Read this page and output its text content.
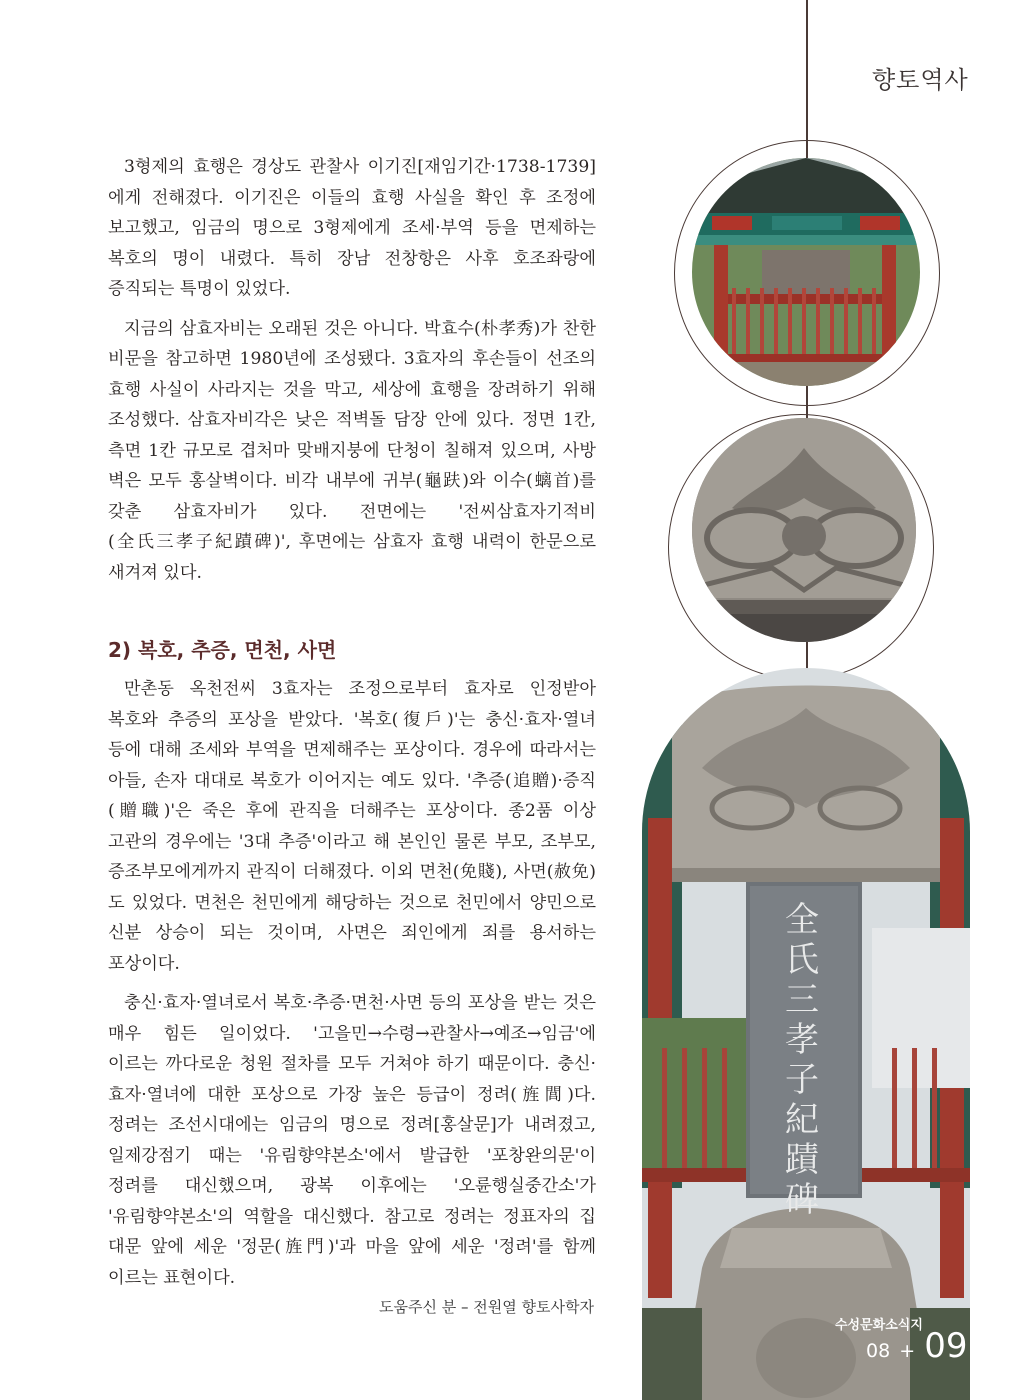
향토역사

3형제의 효행은 경상도 관찰사 이기진[재임기간·1738-1739]에게 전해졌다. 이기진은 이들의 효행 사실을 확인 후 조정에 보고했고, 임금의 명으로 3형제에게 조세·부역 등을 면제하는 복호의 명이 내렸다. 특히 장남 전창항은 사후 호조좌랑에 증직되는 특명이 있었다.

지금의 삼효자비는 오래된 것은 아니다. 박효수(朴孝秀)가 찬한 비문을 참고하면 1980년에 조성됐다. 3효자의 후손들이 선조의 효행 사실이 사라지는 것을 막고, 세상에 효행을 장려하기 위해 조성했다. 삼효자비각은 낮은 적벽돌 담장 안에 있다. 정면 1칸, 측면 1칸 규모로 겹처마 맞배지붕에 단청이 칠해져 있으며, 사방 벽은 모두 홍살벽이다. 비각 내부에 귀부(龜趺)와 이수(螭首)를 갖춘 삼효자비가 있다. 전면에는 '전씨삼효자기적비(全氏三孝子紀蹟碑)', 후면에는 삼효자 효행 내력이 한문으로 새겨져 있다.

2) 복호, 추증, 면천, 사면

만촌동 옥천전씨 3효자는 조정으로부터 효자로 인정받아 복호와 추증의 포상을 받았다. '복호(復戶)'는 충신·효자·열녀 등에 대해 조세와 부역을 면제해주는 포상이다. 경우에 따라서는 아들, 손자 대대로 복호가 이어지는 예도 있다. '추증(追贈)·증직(贈職)'은 죽은 후에 관직을 더해주는 포상이다. 종2품 이상 고관의 경우에는 '3대 추증'이라고 해 본인인 물론 부모, 조부모, 증조부모에게까지 관직이 더해졌다. 이외 면천(免賤), 사면(赦免)도 있었다. 면천은 천민에게 해당하는 것으로 천민에서 양민으로 신분 상승이 되는 것이며, 사면은 죄인에게 죄를 용서하는 포상이다.

충신·효자·열녀로서 복호·추증·면천·사면 등의 포상을 받는 것은 매우 힘든 일이었다. '고을민→수령→관찰사→예조→임금'에 이르는 까다로운 청원 절차를 모두 거쳐야 하기 때문이다. 충신·효자·열녀에 대한 포상으로 가장 높은 등급이 정려(旌閭)다. 정려는 조선시대에는 임금의 명으로 정려[홍살문]가 내려졌고, 일제강점기 때는 '유림향약본소'에서 발급한 '포창완의문'이 정려를 대신했으며, 광복 이후에는 '오륜행실중간소'가 '유림향약본소'의 역할을 대신했다. 참고로 정려는 정표자의 집 대문 앞에 세운 '정문(旌門)'과 마을 앞에 세운 '정려'를 함께 이르는 표현이다.

도움주신 분 – 전원열 향토사학자
全氏三孝子紀蹟碑
수성문화소식지
08 + 09
